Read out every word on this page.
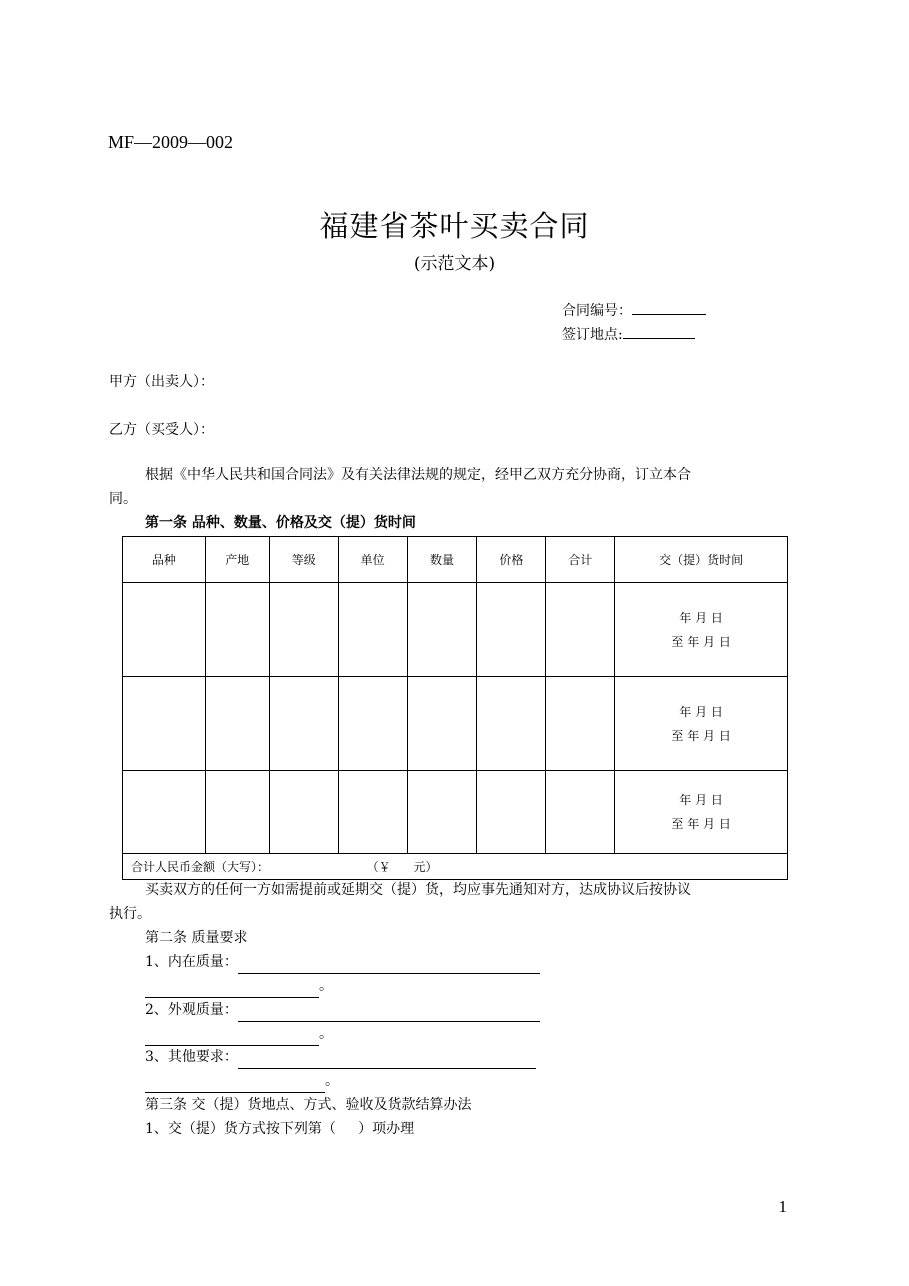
MF—2009—002
福建省茶叶买卖合同
(示范文本)
合同编号：
签订地点:
甲方（出卖人）：
乙方（买受人）：
根据《中华人民共和国合同法》及有关法律法规的规定，经甲乙双方充分协商，订立本合
同。
第一条 品种、数量、价格及交（提）货时间
品种	产地	等级	单位	数量	价格	合计	交（提）货时间

							年 月 日
至 年 月 日

							年 月 日
至 年 月 日

							年 月 日
至 年 月 日

合计人民币金额（大写）： （￥      元）							
买卖双方的任何一方如需提前或延期交（提）货，均应事先通知对方，达成协议后按协议
执行。
第二条 质量要求
1、内在质量：
。
2、外观质量：
。
3、其他要求：
。
第三条 交（提）货地点、方式、验收及货款结算办法
1、交（提）货方式按下列第（     ）项办理
1
